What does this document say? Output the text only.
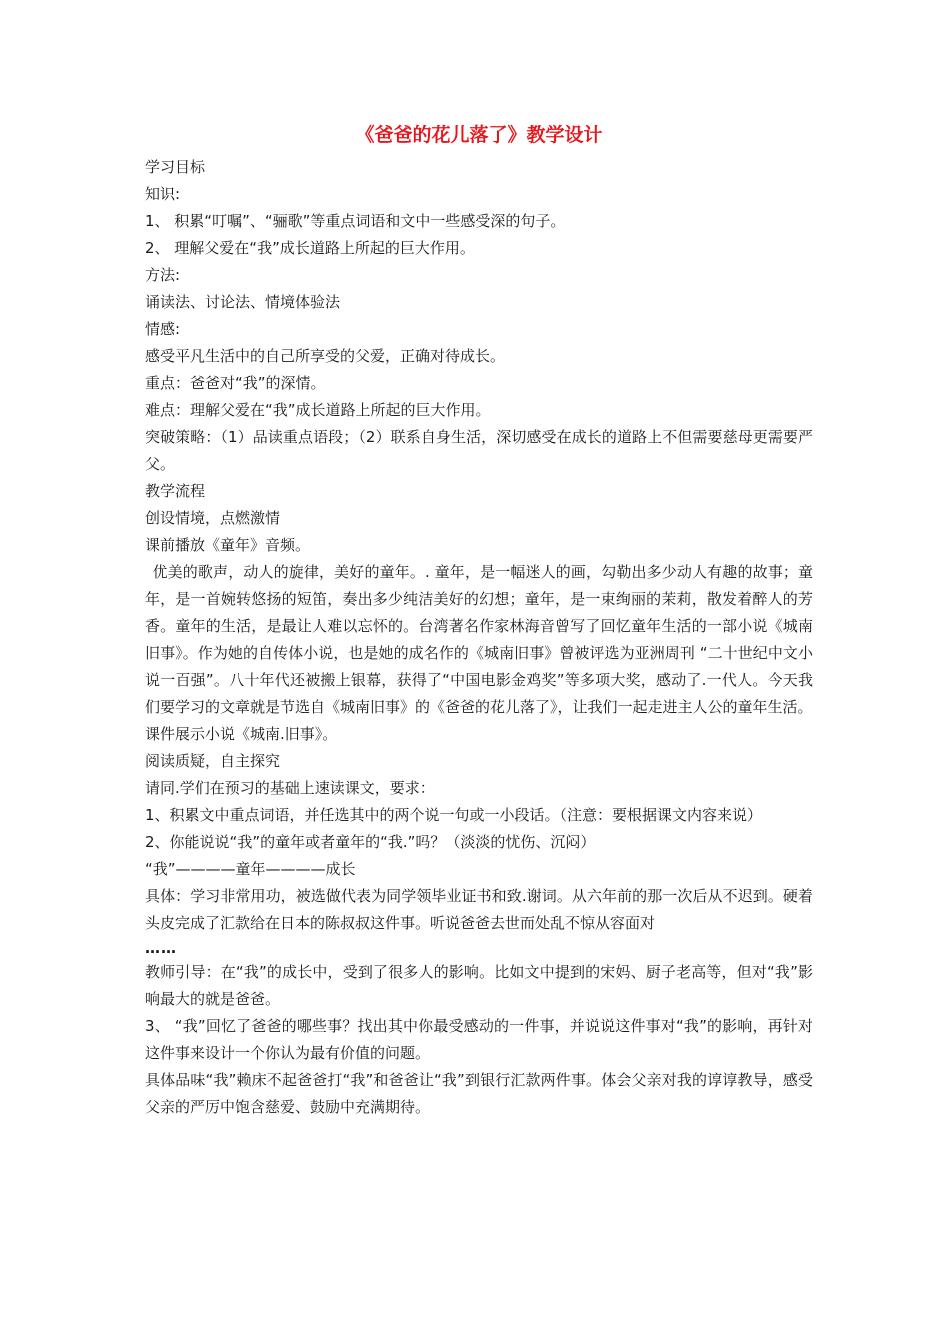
《爸爸的花儿落了》教学设计

学习目标

知识:

1、 积累“叮嘱”、“骊歌”等重点词语和文中一些感受深的句子。

2、 理解父爱在“我”成长道路上所起的巨大作用。

方法:

诵读法、讨论法、情境体验法

情感:

感受平凡生活中的自己所享受的父爱，正确对待成长。

重点：爸爸对“我”的深情。

难点：理解父爱在“我”成长道路上所起的巨大作用。

突破策略：（1）品读重点语段；（2）联系自身生活，深切感受在成长的道路上不但需要慈母更需要严父。

教学流程

创设情境，点燃激情

课前播放《童年》音频。

优美的歌声，动人的旋律，美好的童年。. 童年，是一幅迷人的画，勾勒出多少动人有趣的故事；童年，是一首婉转悠扬的短笛，奏出多少纯洁美好的幻想；童年，是一束绚丽的茉莉，散发着醉人的芳香。童年的生活，是最让人难以忘怀的。台湾著名作家林海音曾写了回忆童年生活的一部小说《城南旧事》。作为她的自传体小说，也是她的成名作的《城南旧事》曾被评选为亚洲周刊 “二十世纪中文小说一百强”。八十年代还被搬上银幕，获得了“中国电影金鸡奖”等多项大奖，感动了.一代人。今天我们要学习的文章就是节选自《城南旧事》的《爸爸的花儿落了》，让我们一起走进主人公的童年生活。

课件展示小说《城南.旧事》。

阅读质疑，自主探究

请同.学们在预习的基础上速读课文，要求：

1、积累文中重点词语，并任选其中的两个说一句或一小段话。（注意：要根据课文内容来说）

2、你能说说“我”的童年或者童年的“我.”吗？（淡淡的忧伤、沉闷）

“我”————童年————成长

具体：学习非常用功，被选做代表为同学领毕业证书和致.谢词。从六年前的那一次后从不迟到。硬着头皮完成了汇款给在日本的陈叔叔这件事。听说爸爸去世而处乱不惊从容面对

……

教师引导：在“我”的成长中，受到了很多人的影响。比如文中提到的宋妈、厨子老高等，但对“我”影响最大的就是爸爸。

3、 “我”回忆了爸爸的哪些事？找出其中你最受感动的一件事，并说说这件事对“我”的影响，再针对这件事来设计一个你认为最有价值的问题。

具体品味“我”赖床不起爸爸打“我”和爸爸让“我”到银行汇款两件事。体会父亲对我的谆谆教导，感受父亲的严厉中饱含慈爱、鼓励中充满期待。
